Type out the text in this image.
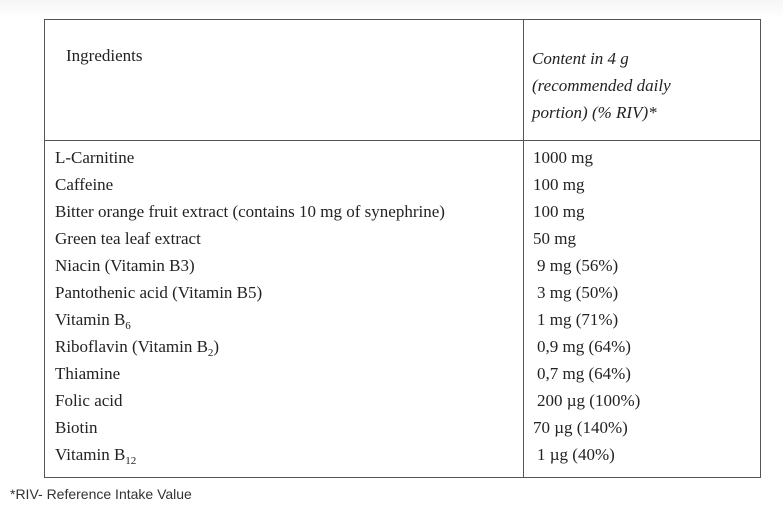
Ingredients	Content in 4 g
(recommended daily
portion) (% RIV)*
L-Carnitine
Caffeine
Bitter orange fruit extract (contains 10 mg of synephrine)
Green tea leaf extract
Niacin (Vitamin B3)
Pantothenic acid (Vitamin B5)
Vitamin $B_6$
Riboflavin (Vitamin $B_2$)
Thiamine
Folic acid
Biotin
Vitamin $B_{12}$
1000 mg
100 mg
100 mg
50 mg
9 mg (56%)
3 mg (50%)
1 mg (71%)
0,9 mg (64%)
0,7 mg (64%)
200 µg (100%)
70 µg (140%)
1 µg (40%)
*RIV- Reference Intake Value
